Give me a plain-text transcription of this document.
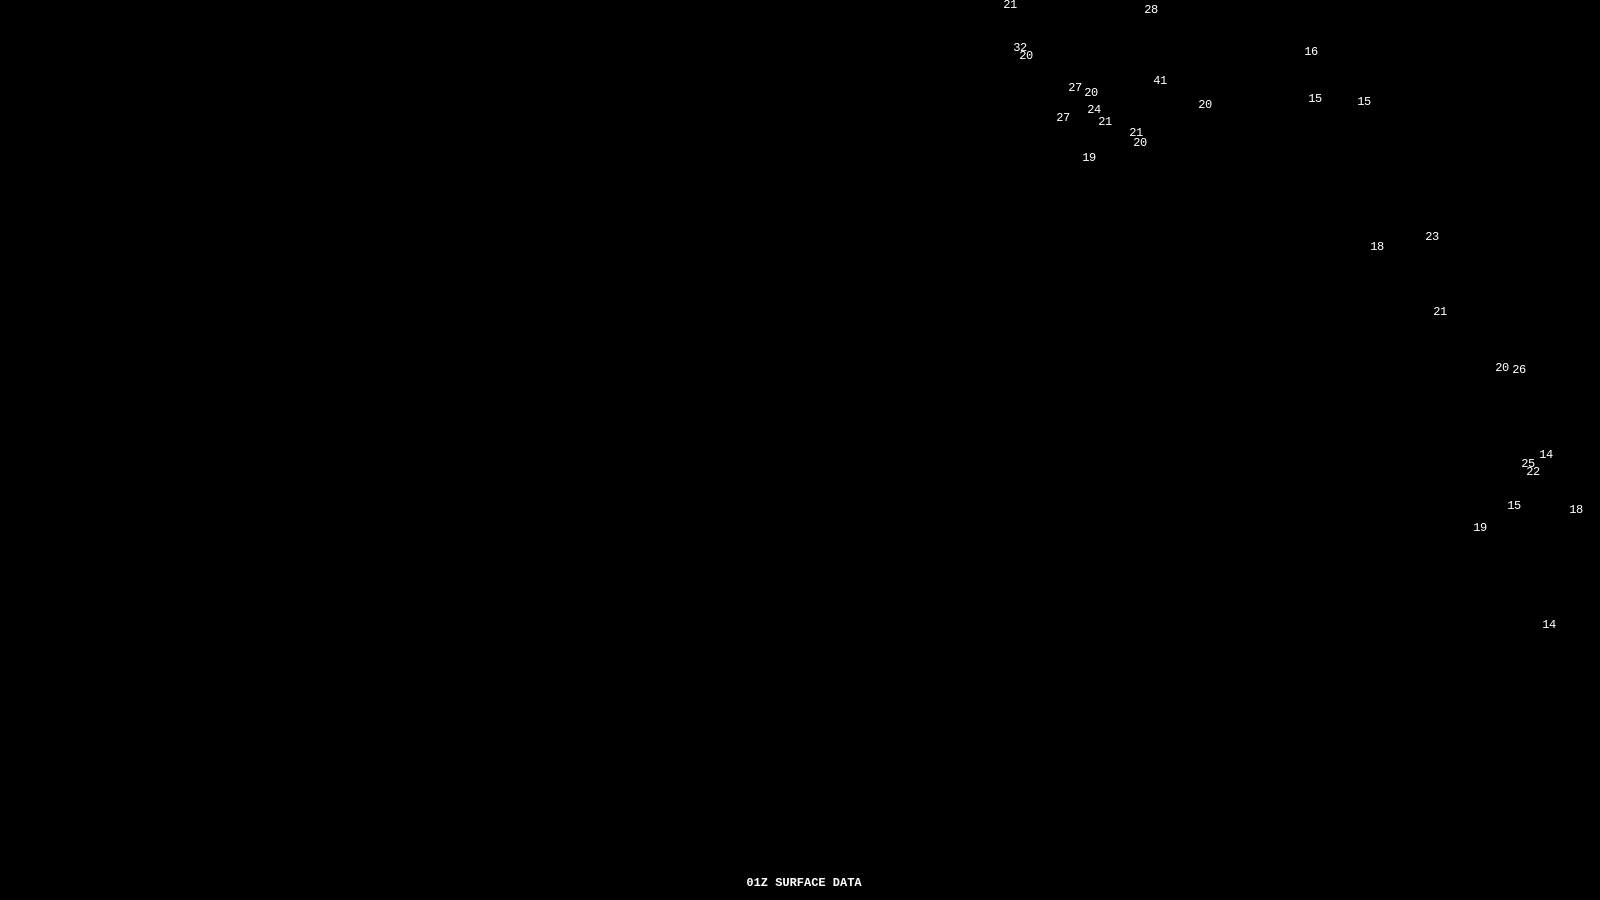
21	28
32
20
27 20
41
16
27
24
21
20	15	15
21
20
19
18
23
21
20 26
14
25
22
15	18
19
14
01Z SURFACE DATA
